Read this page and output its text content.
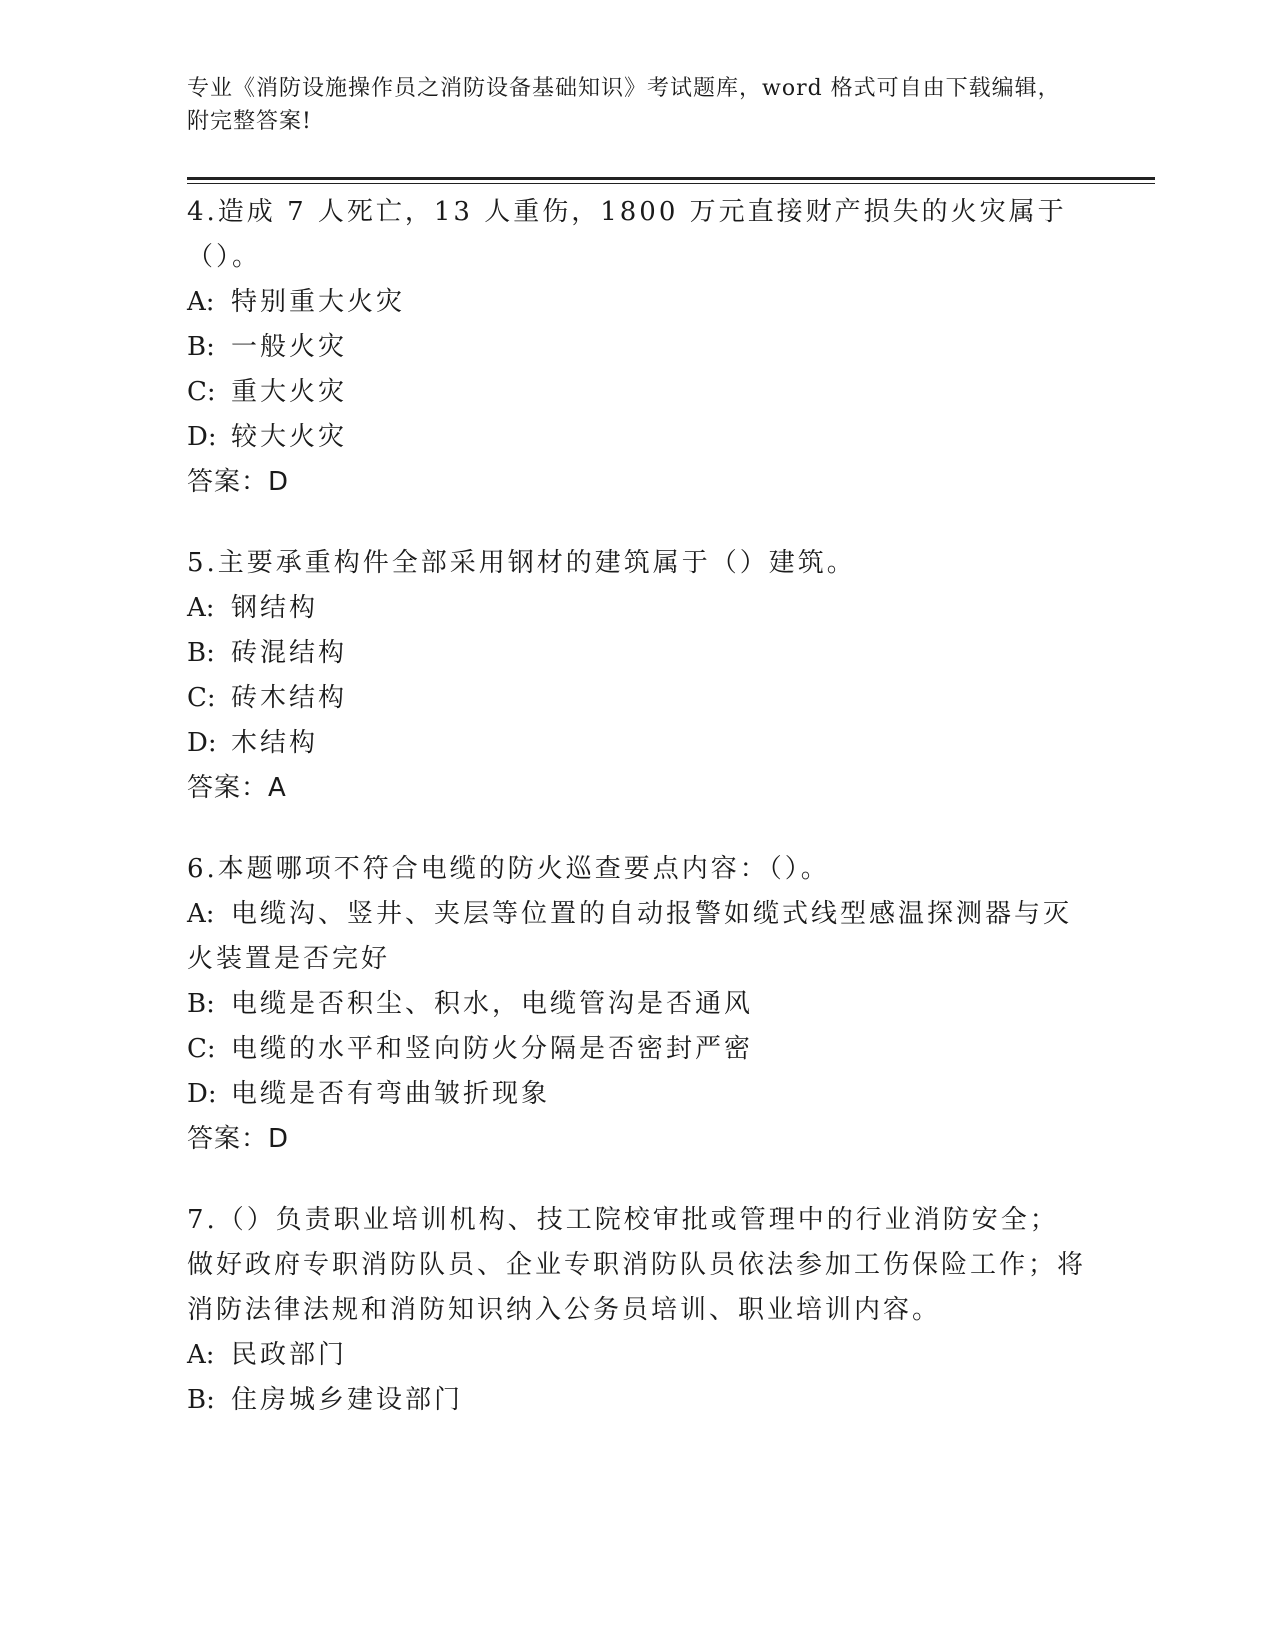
专业《消防设施操作员之消防设备基础知识》考试题库，word 格式可自由下载编辑，附完整答案!

4.造成 7 人死亡，13 人重伤，1800 万元直接财产损失的火灾属于（）。

A: 特别重大火灾

B: 一般火灾

C: 重大火灾

D: 较大火灾

答案：D

5.主要承重构件全部采用钢材的建筑属于（）建筑。

A: 钢结构

B: 砖混结构

C: 砖木结构

D: 木结构

答案：A

6.本题哪项不符合电缆的防火巡查要点内容：（）。

A: 电缆沟、竖井、夹层等位置的自动报警如缆式线型感温探测器与灭火装置是否完好

B: 电缆是否积尘、积水，电缆管沟是否通风

C: 电缆的水平和竖向防火分隔是否密封严密

D: 电缆是否有弯曲皱折现象

答案：D

7.（）负责职业培训机构、技工院校审批或管理中的行业消防安全；做好政府专职消防队员、企业专职消防队员依法参加工伤保险工作；将消防法律法规和消防知识纳入公务员培训、职业培训内容。

A: 民政部门

B: 住房城乡建设部门
